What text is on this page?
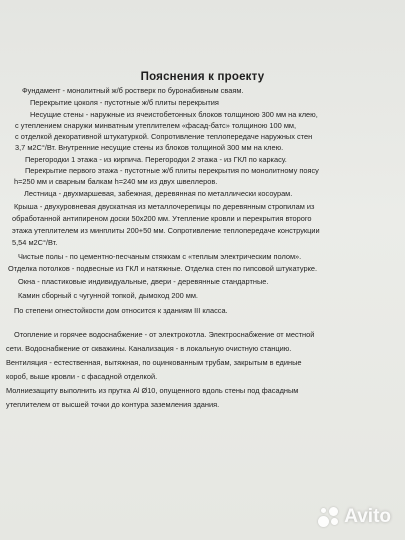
Пояснения к проекту
Фундамент - монолитный ж/б ростверк по буронабивным сваям.
Перекрытие цоколя - пустотные ж/б плиты перекрытия
Несущие стены - наружные из ячеистобетонных блоков толщиною 300 мм на клею,
с утеплением снаружи минватным утеплителем «фасад-батс» толщиною 100 мм,
с отделкой декоративной штукатуркой. Сопротивление теплопередаче наружных стен
3,7 м2С°/Вт. Внутренние несущие стены из блоков толщиной 300 мм на клею.
Перегородки 1 этажа - из кирпича. Перегородки 2 этажа - из ГКЛ по каркасу.
Перекрытие первого этажа - пустотные ж/б плиты перекрытия по монолитному поясу
h=250 мм и сварным балкам h=240 мм из двух швеллеров.
Лестница - двухмаршевая, забежная, деревянная по металлически косоурам.
Крыша - двухуровневая двускатная из металлочерепицы по деревянным стропилам из
обработанной антипиреном доски 50х200 мм. Утепление кровли и перекрытия второго
этажа утеплителем из минплиты 200+50 мм. Сопротивление теплопередаче конструкции
5,54 м2С°/Вт.
Чистые полы - по цементно-песчаным стяжкам с «теплым электрическим полом».
Отделка потолков - подвесные из ГКЛ и натяжные. Отделка стен по гипсовой штукатурке.
Окна - пластиковые индивидуальные, двери - деревянные стандартные.
Камин сборный с чугунной топкой, дымоход 200 мм.
По степени огнестойкости дом относится к зданиям III класса.
Отопление и горячее водоснабжение - от электрокотла. Электроснабжение от местной
сети. Водоснабжение от скважины. Канализация - в локальную очистную станцию.
Вентиляция - естественная, вытяжная, по оцинкованным трубам, закрытым в единые
короб, выше кровли - с фасадной отделкой.
Молниезащиту выполнить из прутка Al Ø10, опущенного вдоль стены под фасадным
утеплителем от высшей точки до контура заземления здания.
Avito
